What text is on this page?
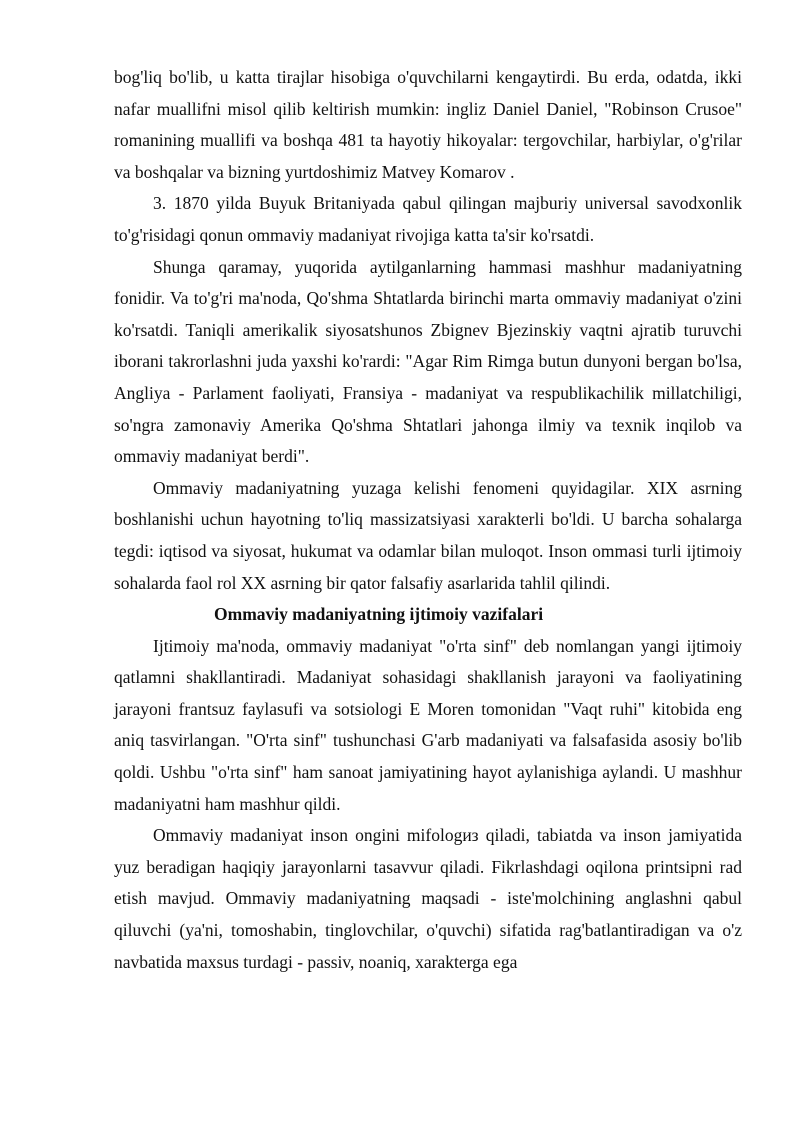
bog'liq bo'lib, u katta tirajlar hisobiga o'quvchilarni kengaytirdi. Bu erda, odatda, ikki nafar muallifni misol qilib keltirish mumkin: ingliz Daniel Daniel, "Robinson Crusoe" romanining muallifi va boshqa 481 ta hayotiy hikoyalar: tergovchilar, harbiylar, o'g'rilar va boshqalar va bizning yurtdoshimiz Matvey Komarov .

3. 1870 yilda Buyuk Britaniyada qabul qilingan majburiy universal savodxonlik to'g'risidagi qonun ommaviy madaniyat rivojiga katta ta'sir ko'rsatdi.

Shunga qaramay, yuqorida aytilganlarning hammasi mashhur madaniyatning fonidir. Va to'g'ri ma'noda, Qo'shma Shtatlarda birinchi marta ommaviy madaniyat o'zini ko'rsatdi. Taniqli amerikalik siyosatshunos Zbignev Bjezinskiy vaqtni ajratib turuvchi iborani takrorlashni juda yaxshi ko'rardi: "Agar Rim Rimga butun dunyoni bergan bo'lsa, Angliya - Parlament faoliyati, Fransiya - madaniyat va respublikachilik millatchiligi, so'ngra zamonaviy Amerika Qo'shma Shtatlari jahonga ilmiy va texnik inqilob va ommaviy madaniyat berdi".

Ommaviy madaniyatning yuzaga kelishi fenomeni quyidagilar. XIX asrning boshlanishi uchun hayotning to'liq massizatsiyasi xarakterli bo'ldi. U barcha sohalarga tegdi: iqtisod va siyosat, hukumat va odamlar bilan muloqot. Inson ommasi turli ijtimoiy sohalarda faol rol XX asrning bir qator falsafiy asarlarida tahlil qilindi.

Ommaviy madaniyatning ijtimoiy vazifalari

Ijtimoiy ma'noda, ommaviy madaniyat "o'rta sinf" deb nomlangan yangi ijtimoiy qatlamni shakllantiradi. Madaniyat sohasidagi shakllanish jarayoni va faoliyatining jarayoni frantsuz faylasufi va sotsiologi E Moren tomonidan "Vaqt ruhi" kitobida eng aniq tasvirlangan. "O'rta sinf" tushunchasi G'arb madaniyati va falsafasida asosiy bo'lib qoldi. Ushbu "o'rta sinf" ham sanoat jamiyatining hayot aylanishiga aylandi. U mashhur madaniyatni ham mashhur qildi.

Ommaviy madaniyat inson ongini mifologиз qiladi, tabiatda va inson jamiyatida yuz beradigan haqiqiy jarayonlarni tasavvur qiladi. Fikrlashdagi oqilona printsipni rad etish mavjud. Ommaviy madaniyatning maqsadi - iste'molchining anglashni qabul qiluvchi (ya'ni, tomoshabin, tinglovchilar, o'quvchi) sifatida rag'batlantiradigan va o'z navbatida maxsus turdagi - passiv, noaniq, xarakterga ega
